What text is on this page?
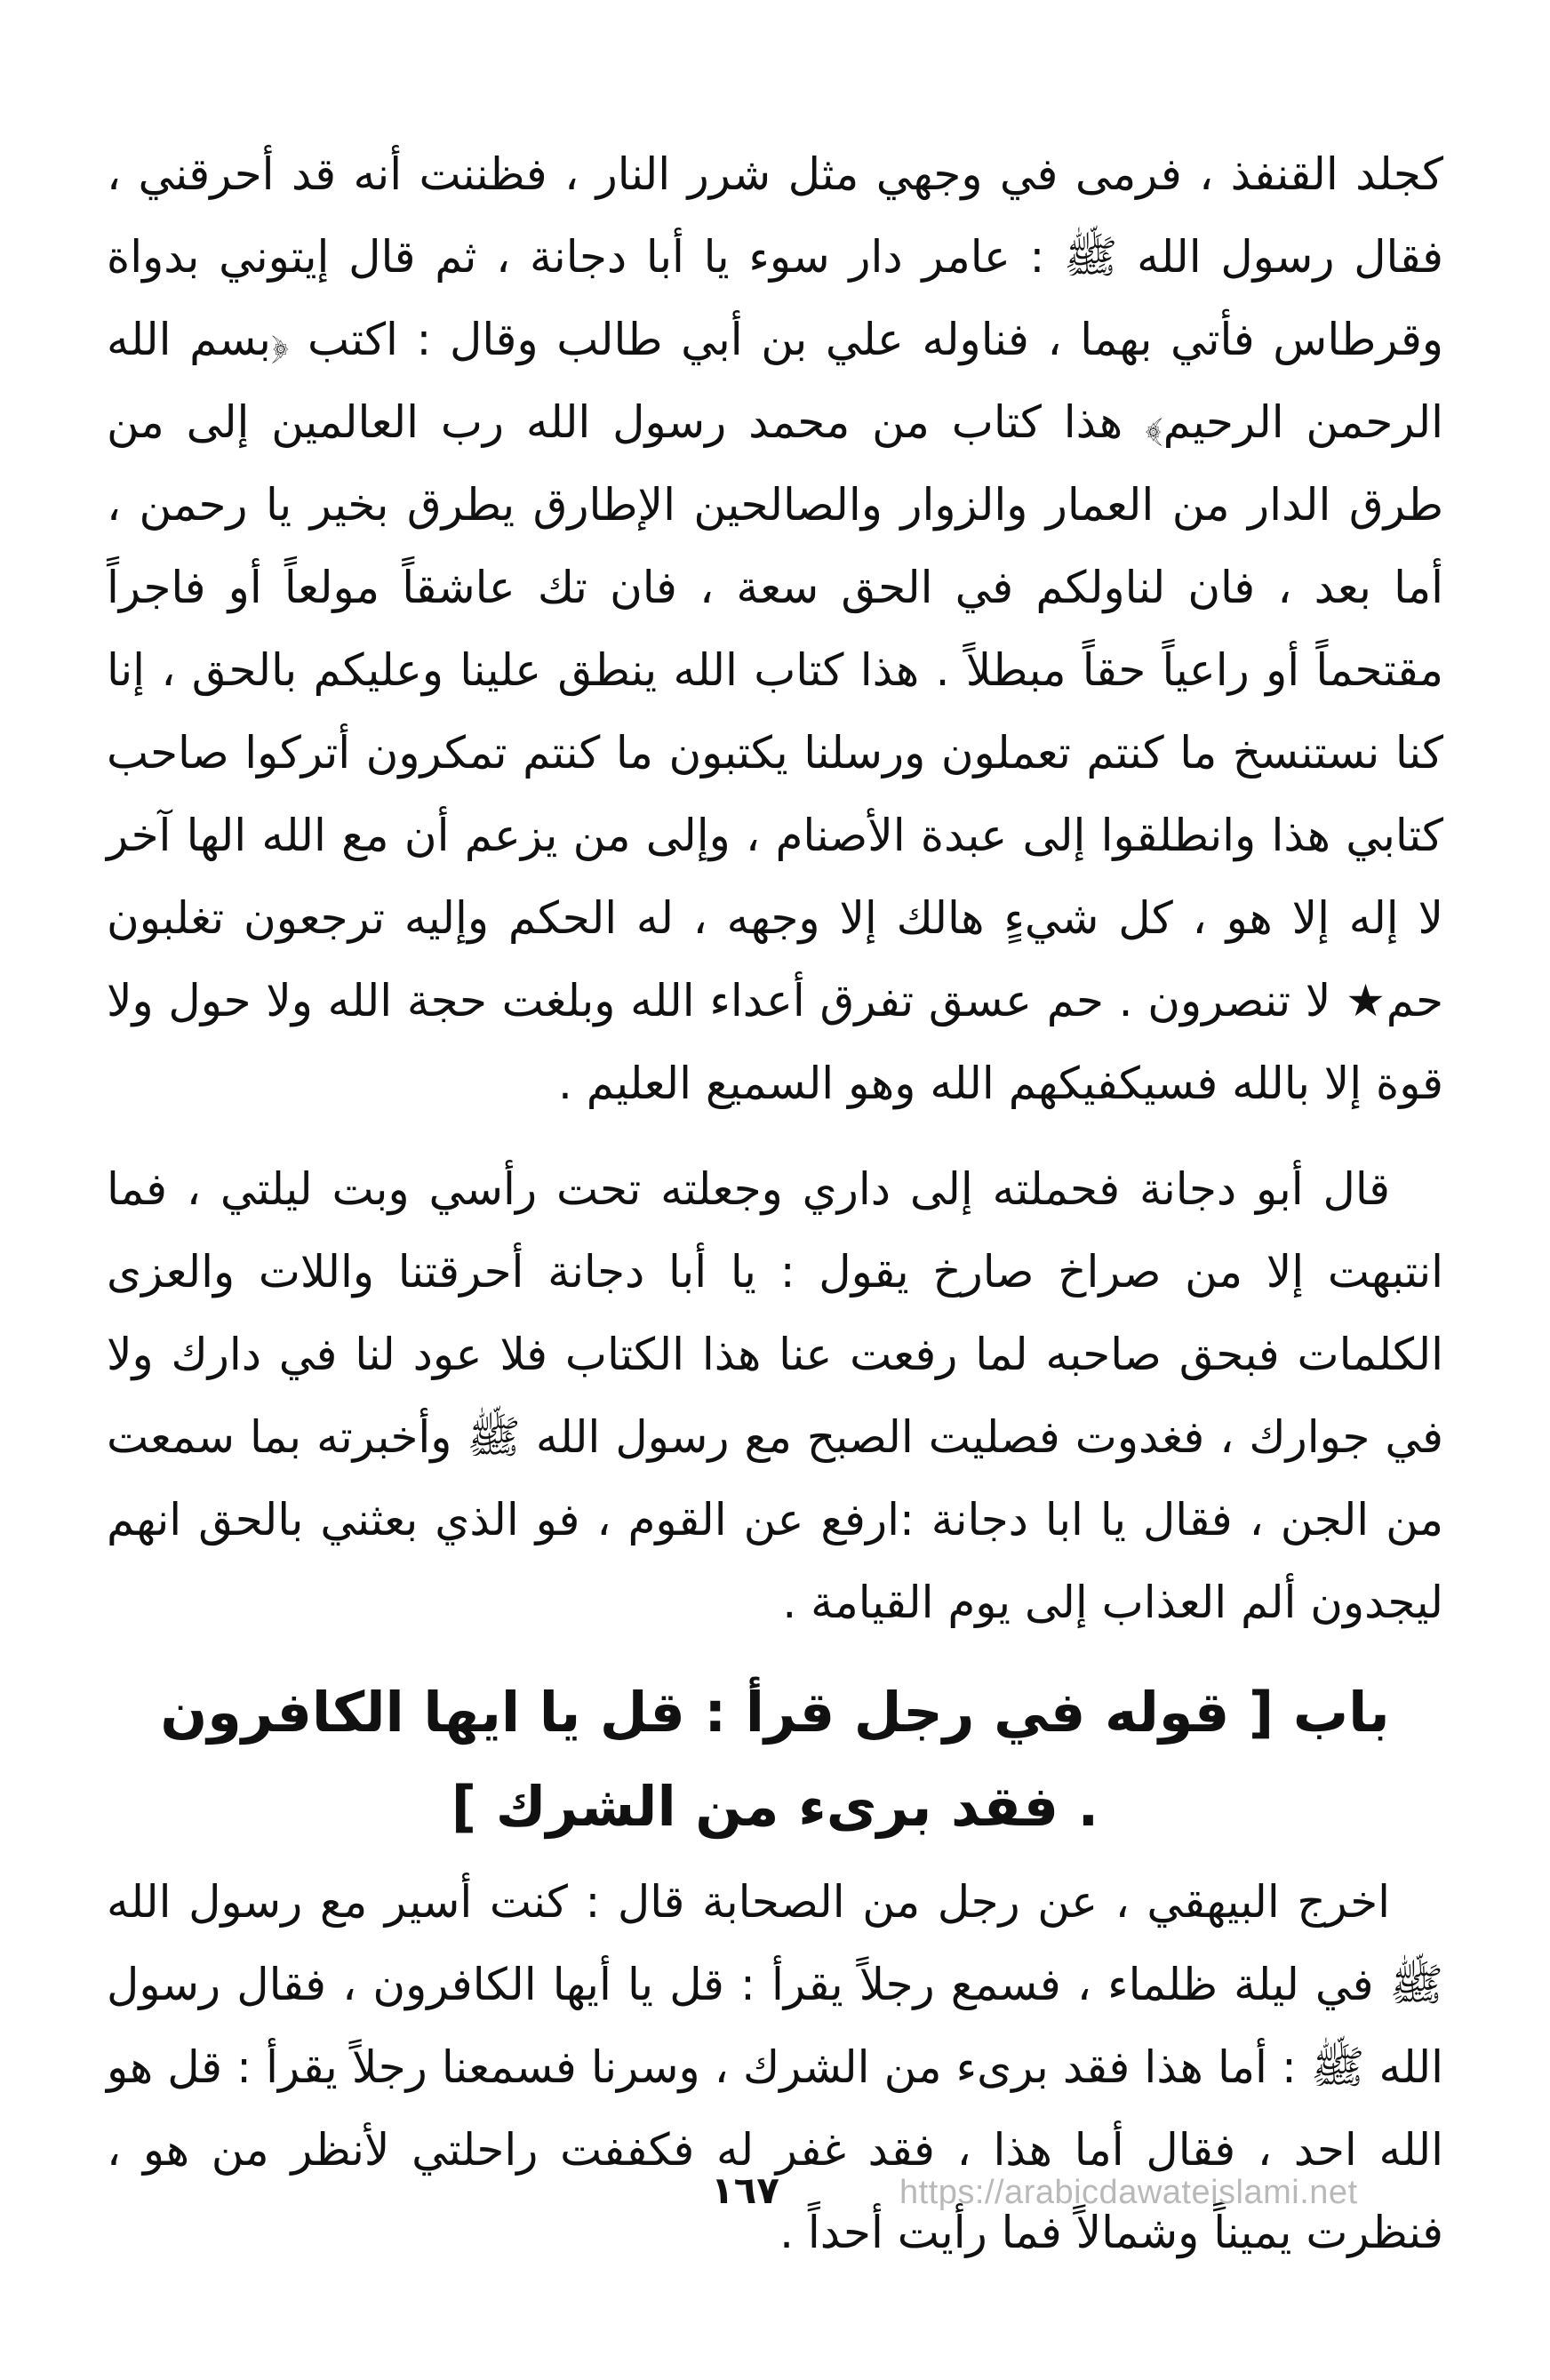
كجلد القنفذ ، فرمى في وجهي مثل شرر النار ، فظننت أنه قد أحرقني ، فقال رسول الله ﷺ : عامر دار سوء يا أبا دجانة ، ثم قال إيتوني بدواة وقرطاس فأتي بهما ، فناوله علي بن أبي طالب وقال : اكتب ﴿بسم الله الرحمن الرحيم﴾ هذا كتاب من محمد رسول الله رب العالمين إلى من طرق الدار من العمار والزوار والصالحين الإطارق يطرق بخير يا رحمن ، أما بعد ، فان لناولكم في الحق سعة ، فان تك عاشقاً مولعاً أو فاجراً مقتحماً أو راعياً حقاً مبطلاً . هذا كتاب الله ينطق علينا وعليكم بالحق ، إنا كنا نستنسخ ما كنتم تعملون ورسلنا يكتبون ما كنتم تمكرون أتركوا صاحب كتابي هذا وانطلقوا إلى عبدة الأصنام ، وإلى من يزعم أن مع الله الها آخر لا إله إلا هو ، كل شيءٍ هالك إلا وجهه ، له الحكم وإليه ترجعون تغلبون حم★ لا تنصرون . حم عسق تفرق أعداء الله وبلغت حجة الله ولا حول ولا قوة إلا بالله فسيكفيكهم الله وهو السميع العليم .

قال أبو دجانة فحملته إلى داري وجعلته تحت رأسي وبت ليلتي ، فما انتبهت إلا من صراخ صارخ يقول : يا أبا دجانة أحرقتنا واللات والعزى الكلمات فبحق صاحبه لما رفعت عنا هذا الكتاب فلا عود لنا في دارك ولا في جوارك ، فغدوت فصليت الصبح مع رسول الله ﷺ وأخبرته بما سمعت من الجن ، فقال يا ابا دجانة :ارفع عن القوم ، فو الذي بعثني بالحق انهم ليجدون ألم العذاب إلى يوم القيامة .

باب [ قوله في رجل قرأ : قل يا ايها الكافرون . فقد برىء من الشرك ]

اخرج البيهقي ، عن رجل من الصحابة قال : كنت أسير مع رسول الله ﷺ في ليلة ظلماء ، فسمع رجلاً يقرأ : قل يا أيها الكافرون ، فقال رسول الله ﷺ : أما هذا فقد برىء من الشرك ، وسرنا فسمعنا رجلاً يقرأ : قل هو الله احد ، فقال أما هذا ، فقد غفر له فكففت راحلتي لأنظر من هو ، فنظرت يميناً وشمالاً فما رأيت أحداً .

١٦٧	https://arabicdawateislami.net
